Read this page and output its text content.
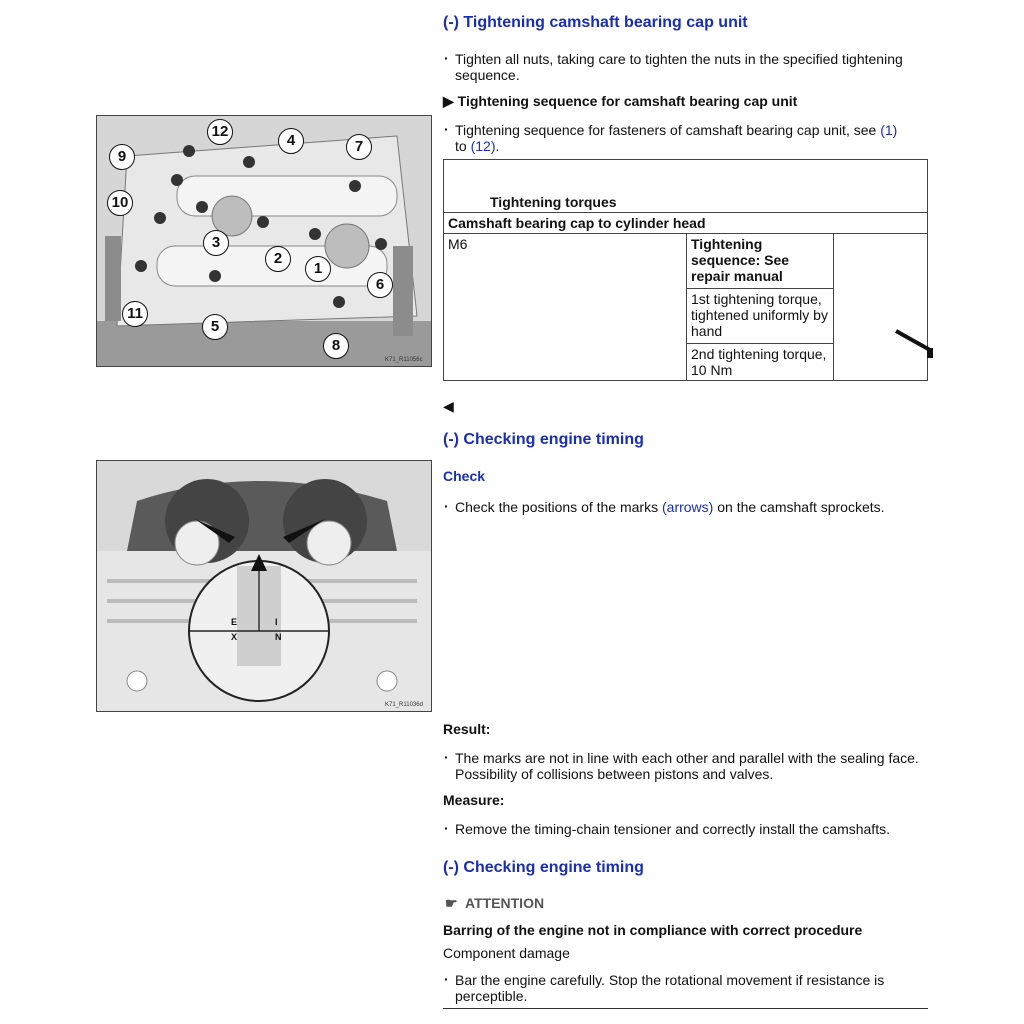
(-) Tightening camshaft bearing cap unit
· Tighten all nuts, taking care to tighten the nuts in the specified tightening sequence.
▶ Tightening sequence for camshaft bearing cap unit
· Tightening sequence for fasteners of camshaft bearing cap unit, see (1)
to (12).
Tightening torques
Camshaft bearing cap to cylinder head
M6	Tightening sequence: See repair manual	
1st tightening torque, tightened uniformly by hand
2nd tightening torque, 10 Nm
◀
12
4	7
9
10
3
2
1
6
11
5
8
K71_R11056c
(-) Checking engine timing
Check
· Check the positions of the marks (arrows) on the camshaft sprockets.
E
X
I
N
K71_R11036d
Result:
· The marks are not in line with each other and parallel with the sealing face. Possibility of collisions between pistons and valves.
Measure:
· Remove the timing-chain tensioner and correctly install the camshafts.
(-) Checking engine timing
☛ ATTENTION
Barring of the engine not in compliance with correct procedure
Component damage
· Bar the engine carefully. Stop the rotational movement if resistance is perceptible.
